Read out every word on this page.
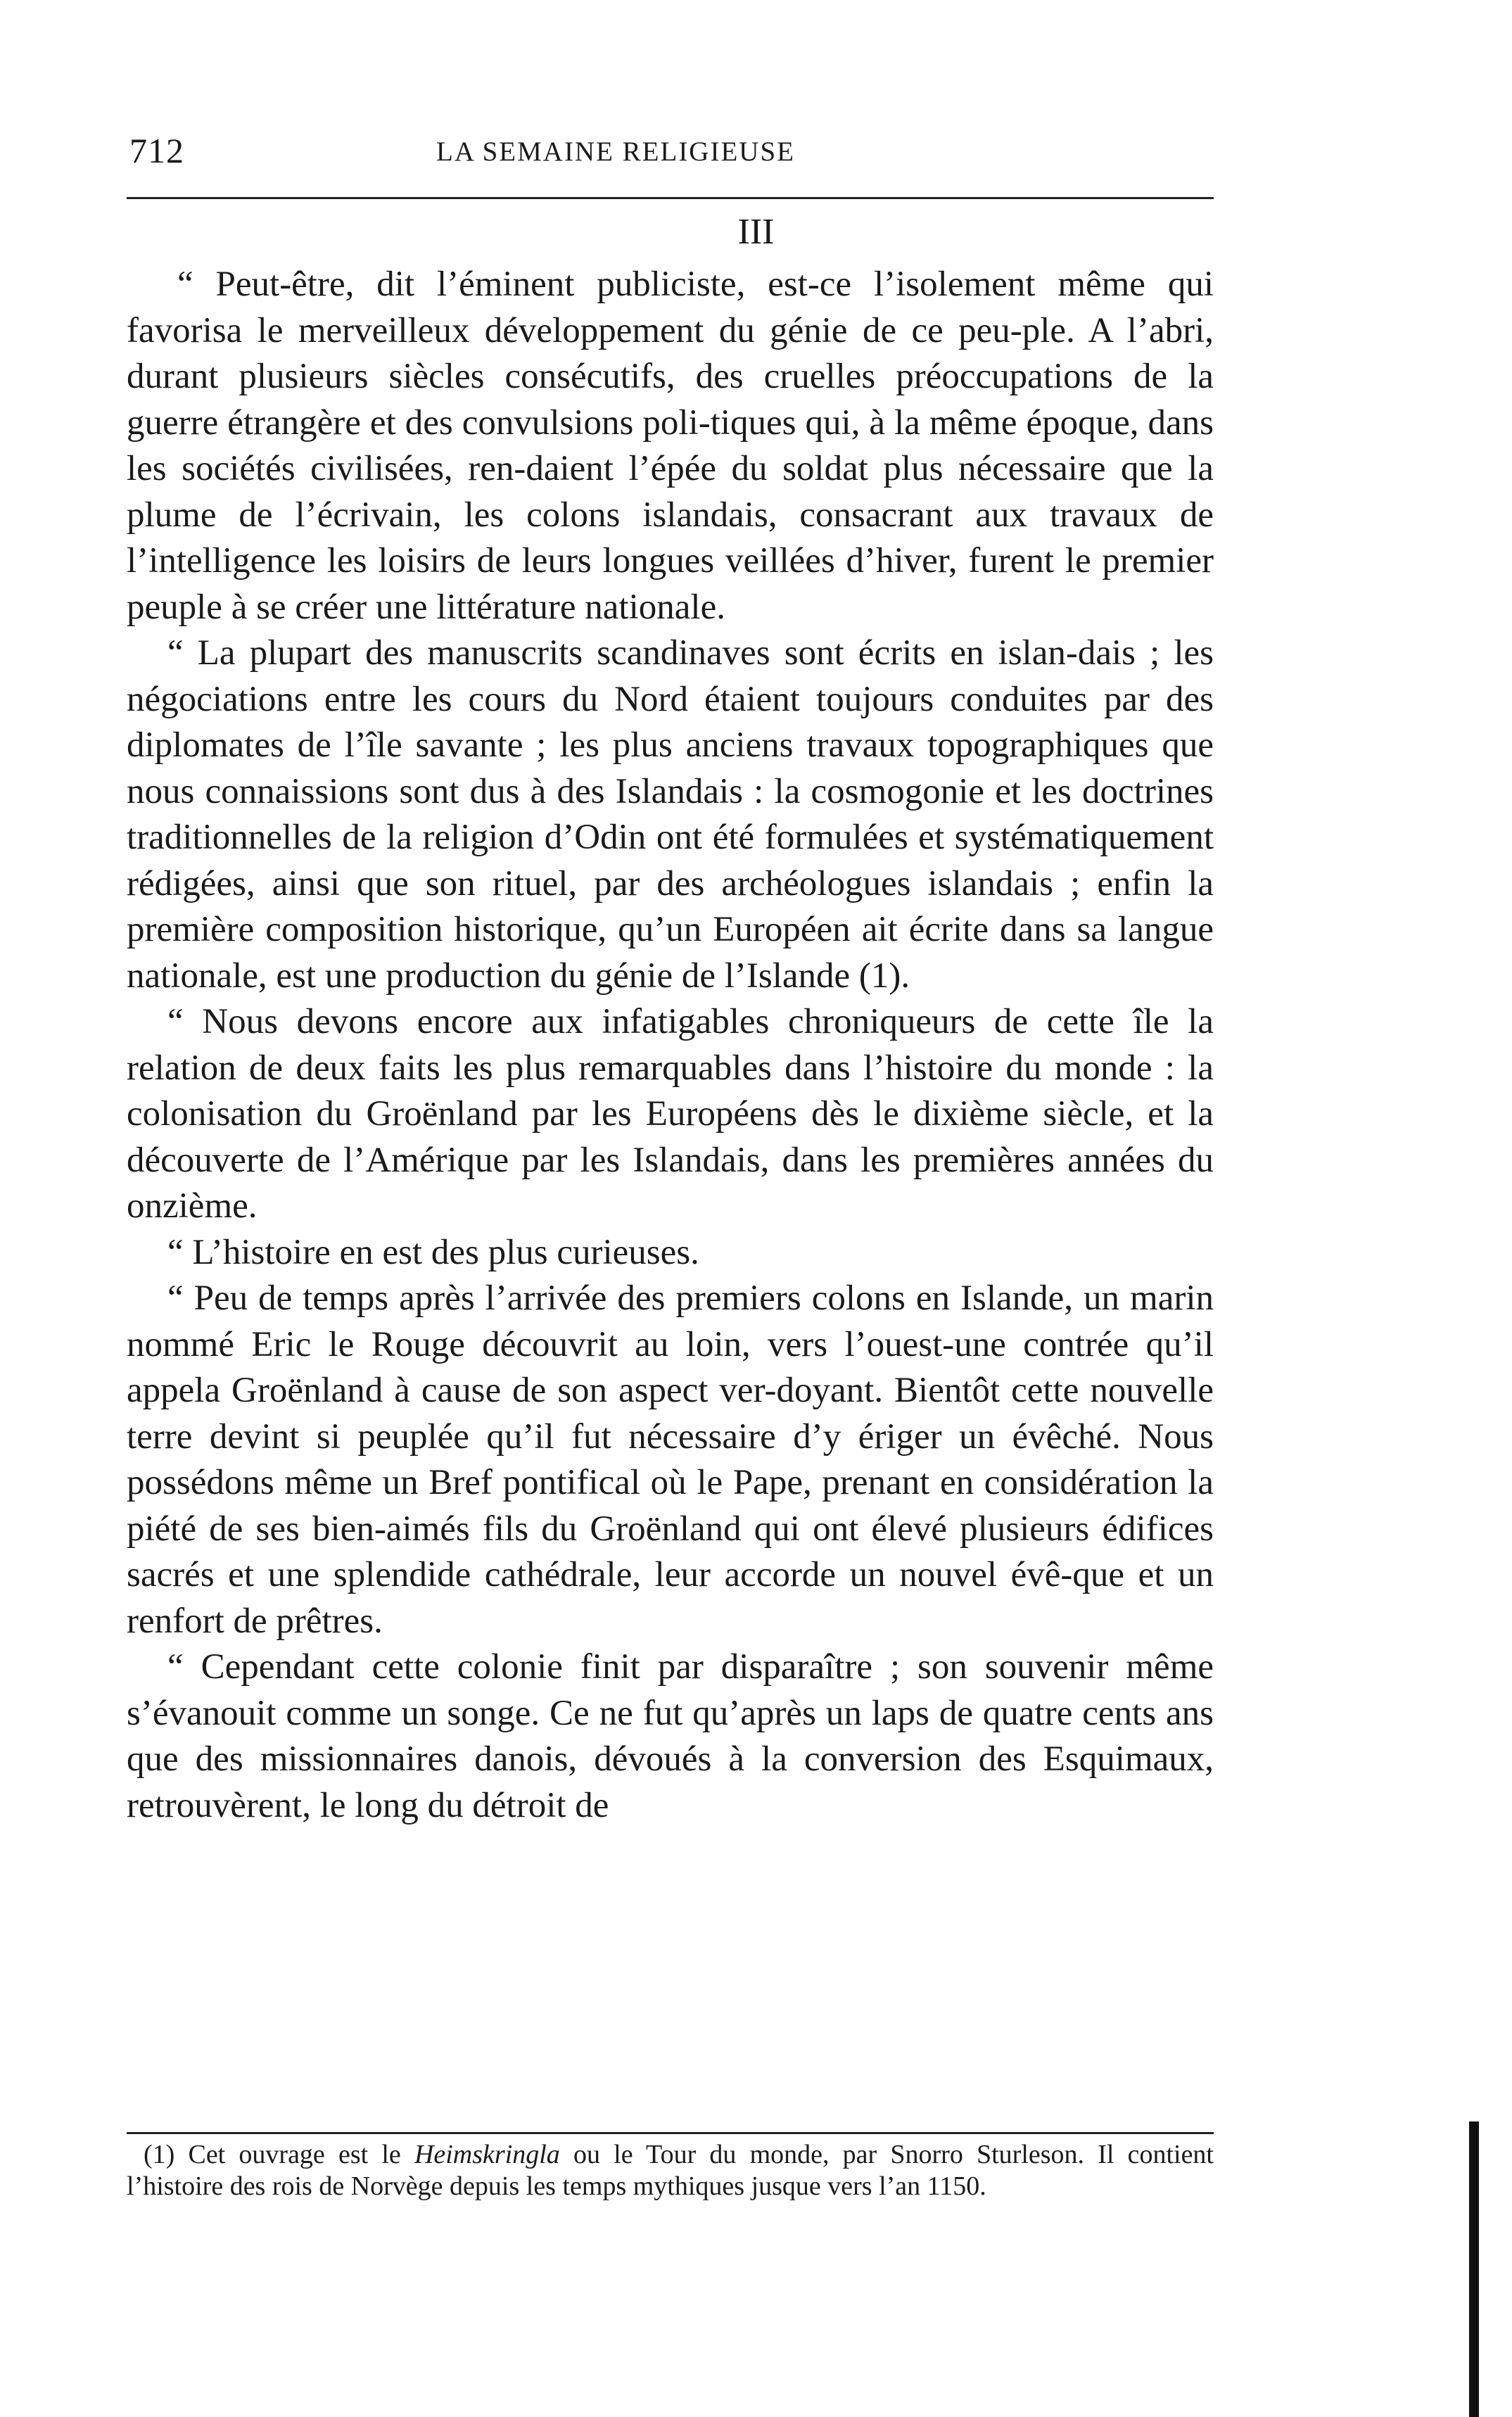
712	LA SEMAINE RELIGIEUSE
III

“ Peut-être, dit l’éminent publiciste, est-ce l’isolement même qui favorisa le merveilleux développement du génie de ce peu-ple. A l’abri, durant plusieurs siècles consécutifs, des cruelles préoccupations de la guerre étrangère et des convulsions poli-tiques qui, à la même époque, dans les sociétés civilisées, ren-daient l’épée du soldat plus nécessaire que la plume de l’écrivain, les colons islandais, consacrant aux travaux de l’intelligence les loisirs de leurs longues veillées d’hiver, furent le premier peuple à se créer une littérature nationale.

“ La plupart des manuscrits scandinaves sont écrits en islan-dais ; les négociations entre les cours du Nord étaient toujours conduites par des diplomates de l’île savante ; les plus anciens travaux topographiques que nous connaissions sont dus à des Islandais : la cosmogonie et les doctrines traditionnelles de la religion d’Odin ont été formulées et systématiquement rédigées, ainsi que son rituel, par des archéologues islandais ; enfin la première composition historique, qu’un Européen ait écrite dans sa langue nationale, est une production du génie de l’Islande (1).

“ Nous devons encore aux infatigables chroniqueurs de cette île la relation de deux faits les plus remarquables dans l’histoire du monde : la colonisation du Groënland par les Européens dès le dixième siècle, et la découverte de l’Amérique par les Islandais, dans les premières années du onzième.

“ L’histoire en est des plus curieuses.

“ Peu de temps après l’arrivée des premiers colons en Islande, un marin nommé Eric le Rouge découvrit au loin, vers l’ouest-une contrée qu’il appela Groënland à cause de son aspect ver-doyant. Bientôt cette nouvelle terre devint si peuplée qu’il fut nécessaire d’y ériger un évêché. Nous possédons même un Bref pontifical où le Pape, prenant en considération la piété de ses bien-aimés fils du Groënland qui ont élevé plusieurs édifices sacrés et une splendide cathédrale, leur accorde un nouvel évê-que et un renfort de prêtres.

“ Cependant cette colonie finit par disparaître ; son souvenir même s’évanouit comme un songe. Ce ne fut qu’après un laps de quatre cents ans que des missionnaires danois, dévoués à la conversion des Esquimaux, retrouvèrent, le long du détroit de

(1) Cet ouvrage est le Heimskringla ou le Tour du monde, par Snorro Sturleson. Il contient l’histoire des rois de Norvège depuis les temps mythiques jusque vers l’an 1150.
